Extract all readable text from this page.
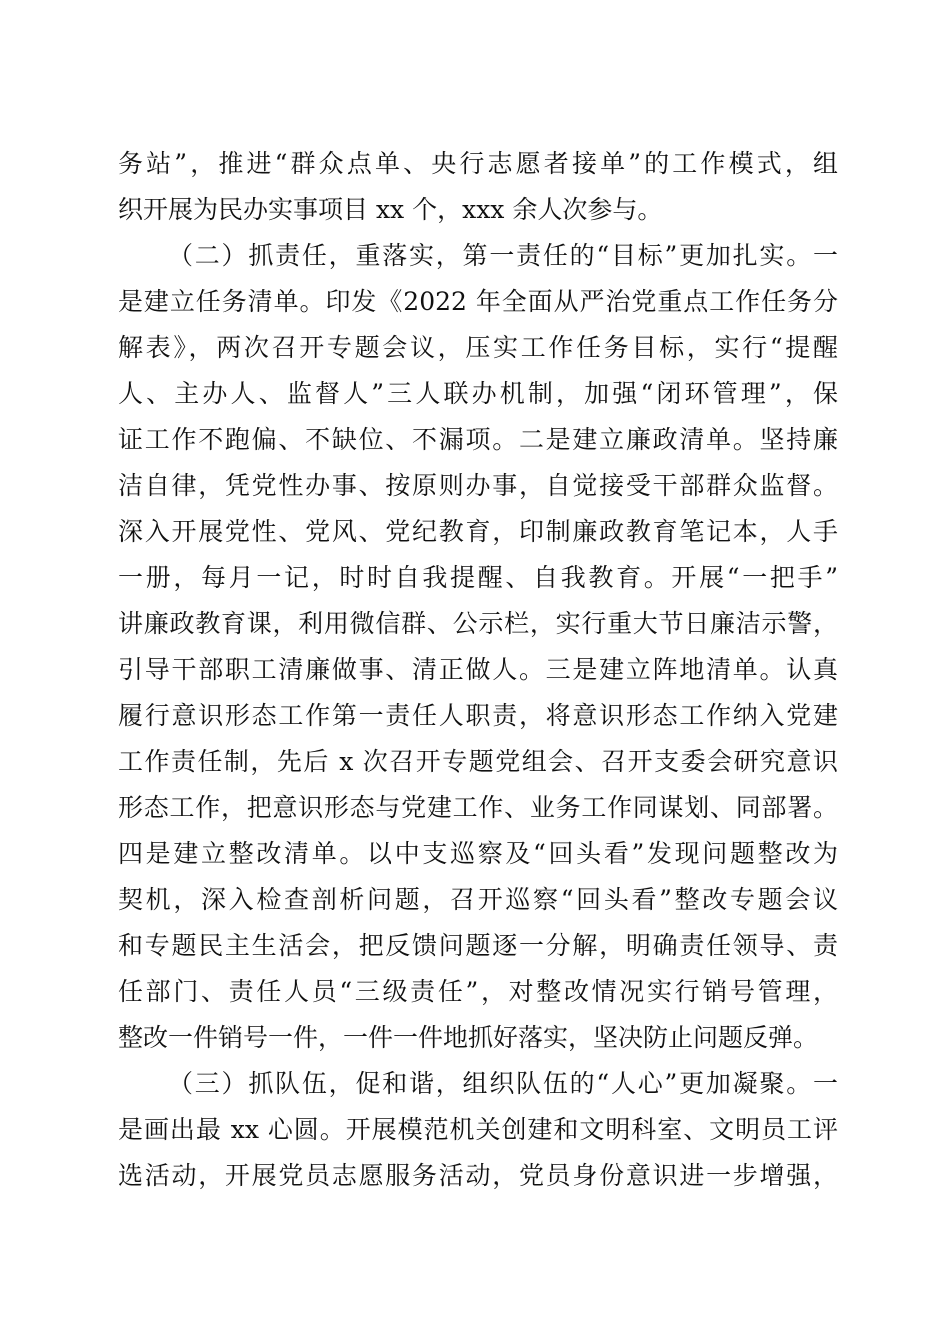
务站”，推进“群众点单、央行志愿者接单”的工作模式，组
织开展为民办实事项目 xx 个，xxx 余人次参与。
（二）抓责任，重落实，第一责任的“目标”更加扎实。一
是建立任务清单。印发《2022 年全面从严治党重点工作任务分
解表》，两次召开专题会议，压实工作任务目标，实行“提醒
人、主办人、监督人”三人联办机制，加强“闭环管理”，保
证工作不跑偏、不缺位、不漏项。二是建立廉政清单。坚持廉
洁自律，凭党性办事、按原则办事，自觉接受干部群众监督。
深入开展党性、党风、党纪教育，印制廉政教育笔记本，人手
一册，每月一记，时时自我提醒、自我教育。开展“一把手”
讲廉政教育课，利用微信群、公示栏，实行重大节日廉洁示警，
引导干部职工清廉做事、清正做人。三是建立阵地清单。认真
履行意识形态工作第一责任人职责，将意识形态工作纳入党建
工作责任制，先后 x 次召开专题党组会、召开支委会研究意识
形态工作，把意识形态与党建工作、业务工作同谋划、同部署。
四是建立整改清单。以中支巡察及“回头看”发现问题整改为
契机，深入检查剖析问题，召开巡察“回头看”整改专题会议
和专题民主生活会，把反馈问题逐一分解，明确责任领导、责
任部门、责任人员“三级责任”，对整改情况实行销号管理，
整改一件销号一件，一件一件地抓好落实，坚决防止问题反弹。
（三）抓队伍，促和谐，组织队伍的“人心”更加凝聚。一
是画出最 xx 心圆。开展模范机关创建和文明科室、文明员工评
选活动，开展党员志愿服务活动，党员身份意识进一步增强，
